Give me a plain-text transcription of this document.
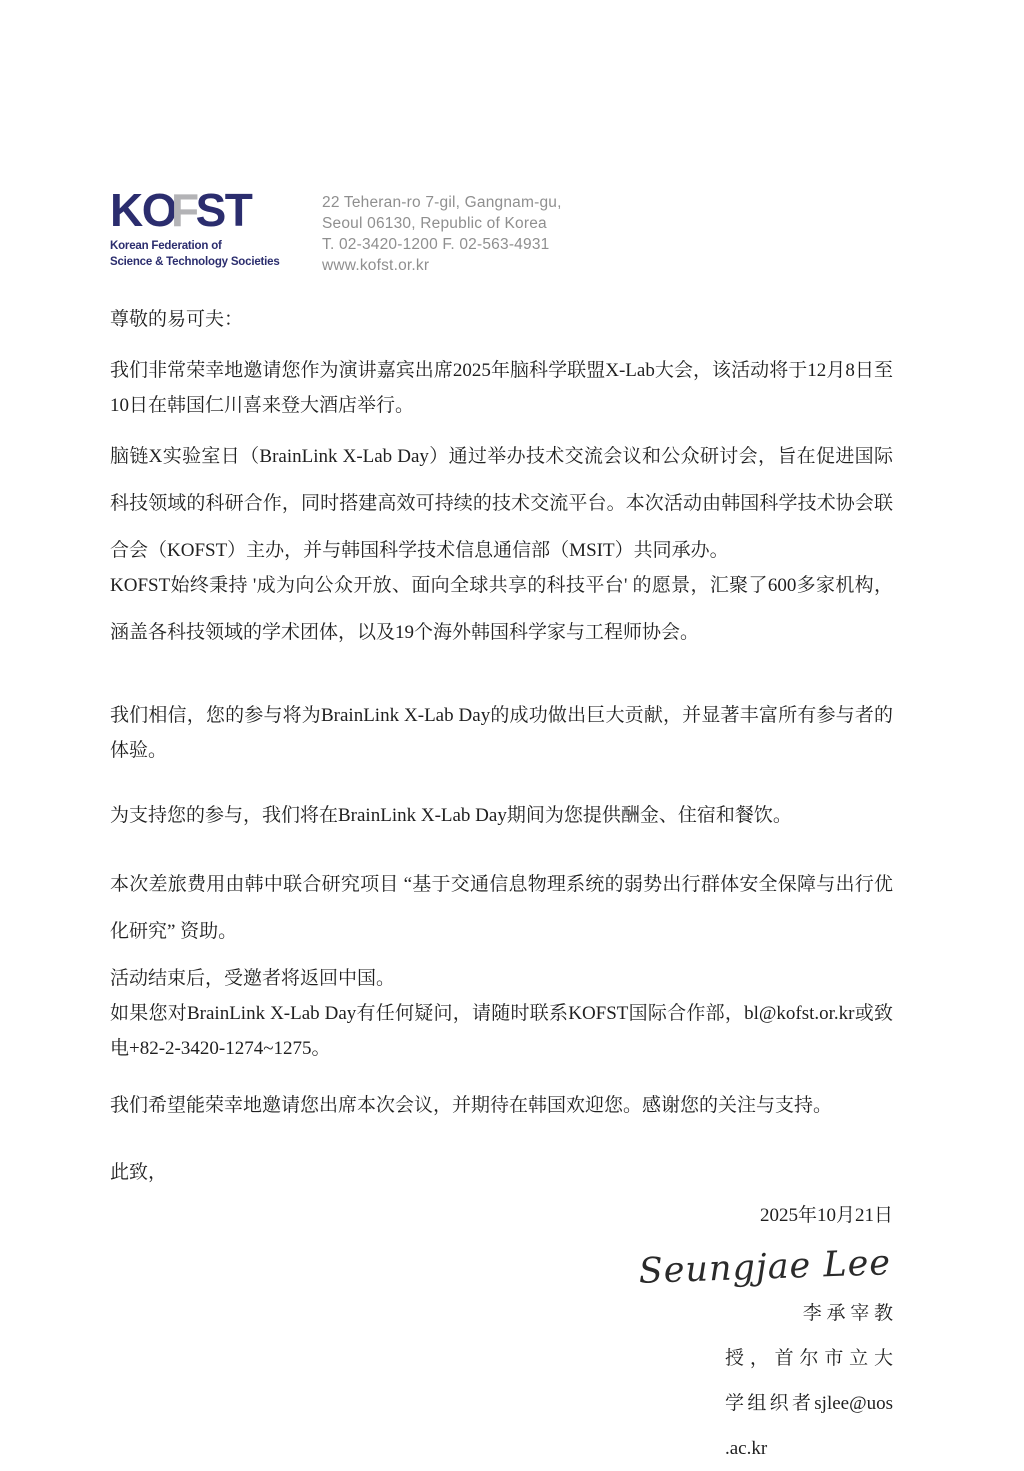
KOFST
Korean Federation of
Science & Technology Societies
22 Teheran-ro 7-gil, Gangnam-gu,
Seoul 06130, Republic of Korea
T. 02-3420-1200 F. 02-563-4931
www.kofst.or.kr

尊敬的易可夫：

我们非常荣幸地邀请您作为演讲嘉宾出席2025年脑科学联盟X-Lab大会，该活动将于12月8日至10日在韩国仁川喜来登大酒店举行。

脑链X实验室日（BrainLink X-Lab Day）通过举办技术交流会议和公众研讨会，旨在促进国际科技领域的科研合作，同时搭建高效可持续的技术交流平台。本次活动由韩国科学技术协会联合会（KOFST）主办，并与韩国科学技术信息通信部（MSIT）共同承办。

KOFST始终秉持 '成为向公众开放、面向全球共享的科技平台' 的愿景，汇聚了600多家机构，涵盖各科技领域的学术团体，以及19个海外韩国科学家与工程师协会。

我们相信，您的参与将为BrainLink X-Lab Day的成功做出巨大贡献，并显著丰富所有参与者的体验。

为支持您的参与，我们将在BrainLink X-Lab Day期间为您提供酬金、住宿和餐饮。

本次差旅费用由韩中联合研究项目 “基于交通信息物理系统的弱势出行群体安全保障与出行优化研究” 资助。

活动结束后，受邀者将返回中国。

如果您对BrainLink X-Lab Day有任何疑问，请随时联系KOFST国际合作部，bl@kofst.or.kr或致电+82-2-3420-1274~1275。

我们希望能荣幸地邀请您出席本次会议，并期待在韩国欢迎您。感谢您的关注与支持。

此致，

2025年10月21日
Seungjae Lee
李 承 宰 教
授，首尔市立大
学组织者sjlee@uos
.ac.kr
